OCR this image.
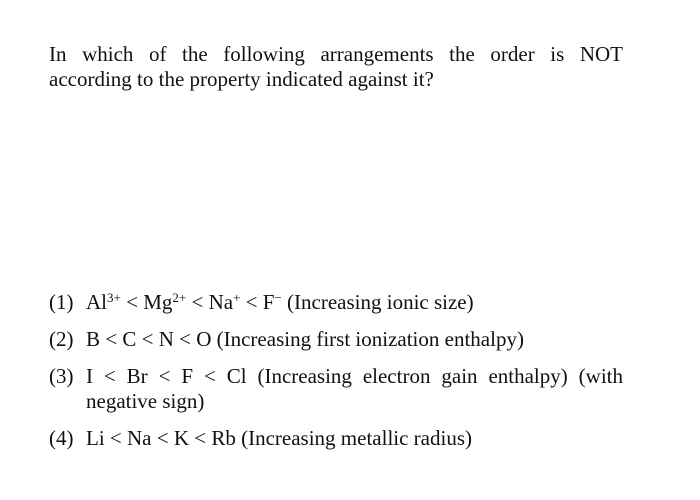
In which of the following arrangements the order is NOT
according to the property indicated against it?
(1) $Al^{3+} < Mg^{2+} < Na^+ < F^-$ (Increasing ionic size)
(2) B < C < N < O (Increasing first ionization enthalpy)
(3) I < Br < F < Cl (Increasing electron gain enthalpy) (with
negative sign)
(4) Li < Na < K < Rb (Increasing metallic radius)
